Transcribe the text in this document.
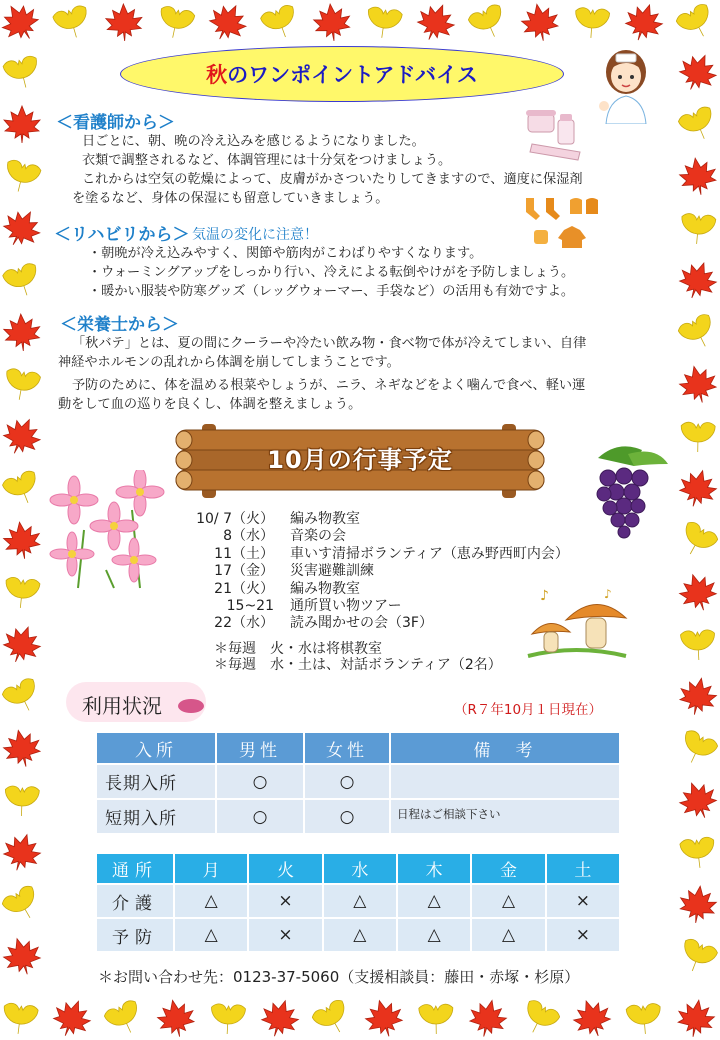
秋 のワンポイントアドバイス
＜看護師から＞
日ごとに、朝、晩の冷え込みを感じるようになりました。
衣類で調整されるなど、体調管理には十分気をつけましょう。
これからは空気の乾燥によって、皮膚がかさついたりしてきますので、適度に保湿剤
を塗るなど、身体の保湿にも留意していきましょう。
＜リハビリから＞ 気温の変化に注意！
・朝晩が冷え込みやすく、関節や筋肉がこわばりやすくなります。
・ウォーミングアップをしっかり行い、冷えによる転倒やけがを予防しましょう。
・暖かい服装や防寒グッズ（レッグウォーマー、手袋など）の活用も有効ですよ。
＜栄養士から＞
「秋バテ」とは、夏の間にクーラーや冷たい飲み物・食べ物で体が冷えてしまい、自律
神経やホルモンの乱れから体調を崩してしまうことです。
予防のために、体を温める根菜やしょうが、ニラ、ネギなどをよく噛んで食べ、軽い運
動をして血の巡りを良くし、体調を整えましょう。
10月の行事予定
10/ 7（火）	編み物教室
8（水）	音楽の会
11（土）	車いす清掃ボランティア（恵み野西町内会）
17（金）	災害避難訓練
21（火）	編み物教室
15~21	通所買い物ツアー
22（水）	読み聞かせの会（3F）
♪	♪
＊毎週　火・水は将棋教室
＊毎週　水・土は、対話ボランティア（2名）
利用状況	（R７年10月１日現在）
入所	男性	女性	備　考
長期入所	○	○	
短期入所	○	○	日程はご相談下さい
通所	月	火	水	木	金	土
介護	△	×	△	△	△	×
予防	△	×	△	△	△	×
＊お問い合わせ先：0123-37-5060（支援相談員：藤田・赤塚・杉原）
